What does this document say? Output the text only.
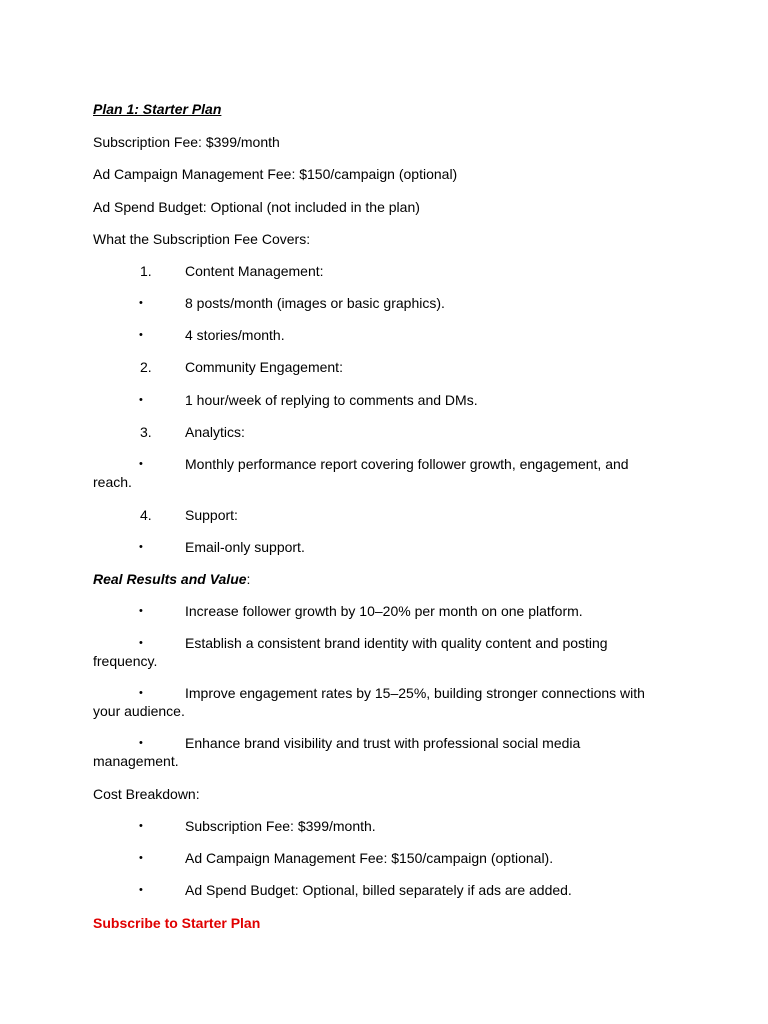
Plan 1: Starter Plan
Subscription Fee: $399/month
Ad Campaign Management Fee: $150/campaign (optional)
Ad Spend Budget: Optional (not included in the plan)
What the Subscription Fee Covers:
1. Content Management:
•	8 posts/month (images or basic graphics).
•	4 stories/month.
2. Community Engagement:
•	1 hour/week of replying to comments and DMs.
3. Analytics:
•	Monthly performance report covering follower growth, engagement, and reach.
4. Support:
•	Email-only support.
Real Results and Value:
•	Increase follower growth by 10–20% per month on one platform.
•	Establish a consistent brand identity with quality content and posting frequency.
•	Improve engagement rates by 15–25%, building stronger connections with your audience.
•	Enhance brand visibility and trust with professional social media management.
Cost Breakdown:
•	Subscription Fee: $399/month.
•	Ad Campaign Management Fee: $150/campaign (optional).
•	Ad Spend Budget: Optional, billed separately if ads are added.
Subscribe to Starter Plan
